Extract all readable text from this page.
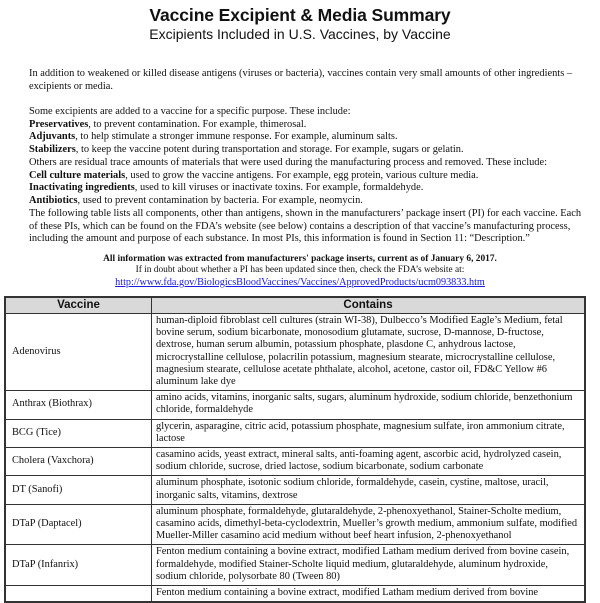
Vaccine Excipient & Media Summary
Excipients Included in U.S. Vaccines, by Vaccine

In addition to weakened or killed disease antigens (viruses or bacteria), vaccines contain very small amounts of other ingredients – excipients or media.

Some excipients are added to a vaccine for a specific purpose. These include:

Preservatives, to prevent contamination. For example, thimerosal.

Adjuvants, to help stimulate a stronger immune response. For example, aluminum salts.

Stabilizers, to keep the vaccine potent during transportation and storage. For example, sugars or gelatin.

Others are residual trace amounts of materials that were used during the manufacturing process and removed. These include:

Cell culture materials, used to grow the vaccine antigens. For example, egg protein, various culture media.

Inactivating ingredients, used to kill viruses or inactivate toxins. For example, formaldehyde.

Antibiotics, used to prevent contamination by bacteria. For example, neomycin.

The following table lists all components, other than antigens, shown in the manufacturers’ package insert (PI) for each vaccine. Each of these PIs, which can be found on the FDA’s website (see below) contains a description of that vaccine’s manufacturing process, including the amount and purpose of each substance. In most PIs, this information is found in Section 11: “Description.”

All information was extracted from manufacturers' package inserts, current as of January 6, 2017.
If in doubt about whether a PI has been updated since then, check the FDA’s website at:
http://www.fda.gov/BiologicsBloodVaccines/Vaccines/ApprovedProducts/ucm093833.htm
Vaccine	Contains
Adenovirus	human-diploid fibroblast cell cultures (strain WI-38), Dulbecco’s Modified Eagle’s Medium, fetal bovine serum, sodium bicarbonate, monosodium glutamate, sucrose, D-mannose, D-fructose, dextrose, human serum albumin, potassium phosphate, plasdone C, anhydrous lactose, microcrystalline cellulose, polacrilin potassium, magnesium stearate, microcrystalline cellulose, magnesium stearate, cellulose acetate phthalate, alcohol, acetone, castor oil, FD&C Yellow #6 aluminum lake dye
Anthrax (Biothrax)	amino acids, vitamins, inorganic salts, sugars, aluminum hydroxide, sodium chloride, benzethonium chloride, formaldehyde
BCG (Tice)	glycerin, asparagine, citric acid, potassium phosphate, magnesium sulfate, iron ammonium citrate, lactose
Cholera (Vaxchora)	casamino acids, yeast extract, mineral salts, anti-foaming agent, ascorbic acid, hydrolyzed casein, sodium chloride, sucrose, dried lactose, sodium bicarbonate, sodium carbonate
DT (Sanofi)	aluminum phosphate, isotonic sodium chloride, formaldehyde, casein, cystine, maltose, uracil, inorganic salts, vitamins, dextrose
DTaP (Daptacel)	aluminum phosphate, formaldehyde, glutaraldehyde, 2-phenoxyethanol, Stainer-Scholte medium, casamino acids, dimethyl-beta-cyclodextrin, Mueller’s growth medium, ammonium sulfate, modified Mueller-Miller casamino acid medium without beef heart infusion, 2-phenoxyethanol
DTaP (Infanrix)	Fenton medium containing a bovine extract, modified Latham medium derived from bovine casein, formaldehyde, modified Stainer-Scholte liquid medium, glutaraldehyde, aluminum hydroxide, sodium chloride, polysorbate 80 (Tween 80)
	Fenton medium containing a bovine extract, modified Latham medium derived from bovine
